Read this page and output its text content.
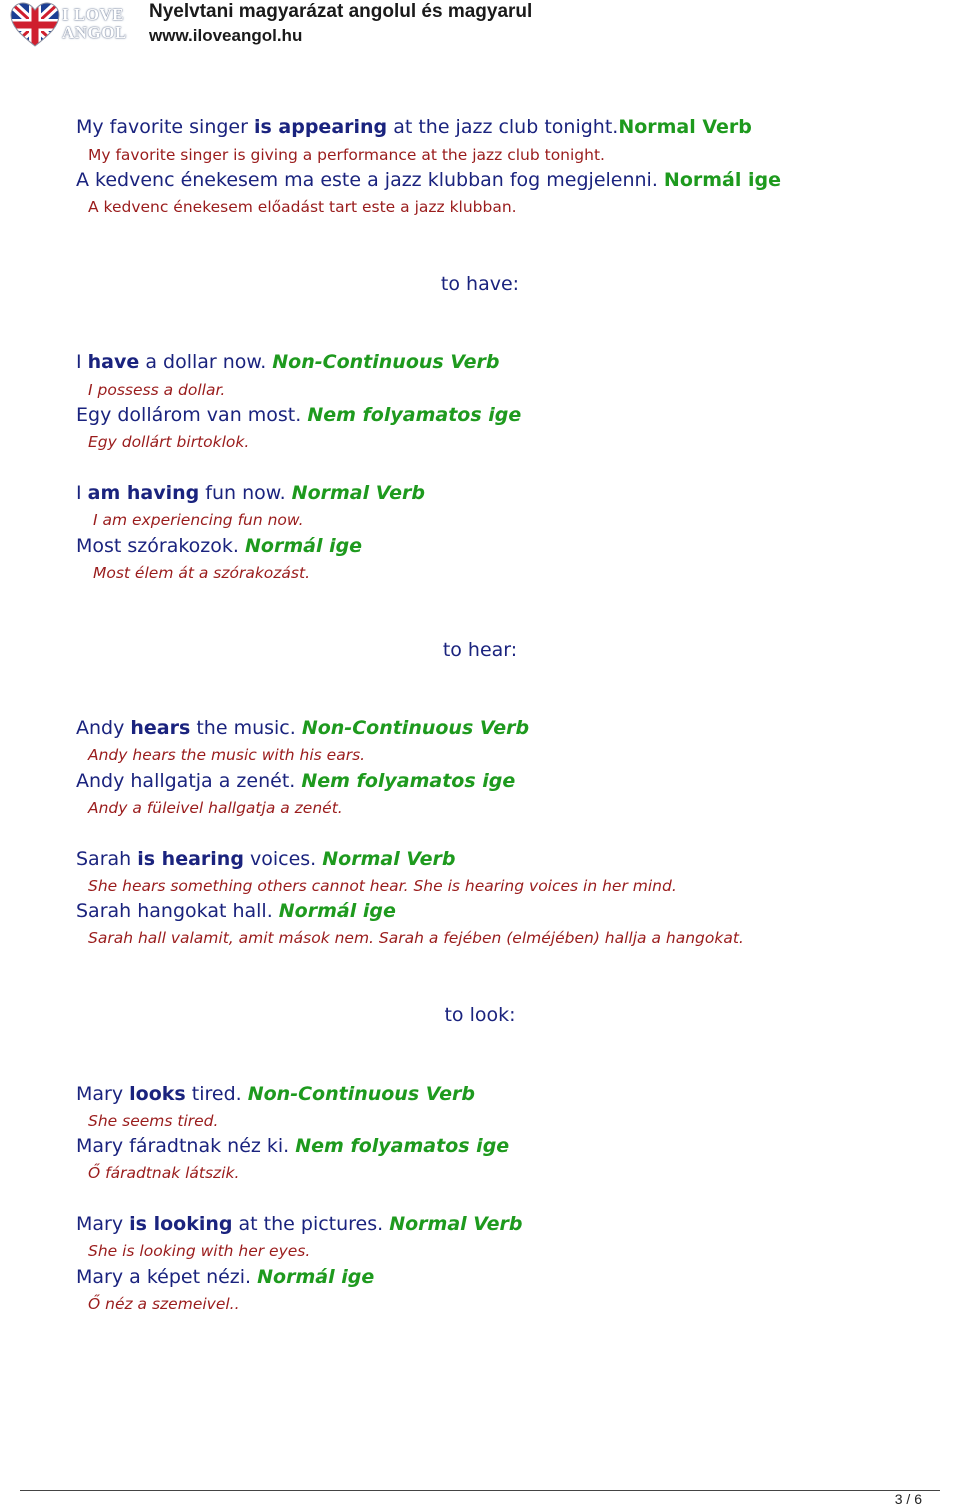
I LOVE
ANGOL
Nyelvtani magyarázat angolul és magyarul
www.iloveangol.hu
My favorite singer is appearing at the jazz club tonight.Normal Verb
My favorite singer is giving a performance at the jazz club tonight.
A kedvenc énekesem ma este a jazz klubban fog megjelenni. Normál ige
A kedvenc énekesem előadást tart este a jazz klubban.
I have a dollar now. Non-Continuous Verb
I possess a dollar.
Egy dollárom van most. Nem folyamatos ige
Egy dollárt birtoklok.
I am having fun now. Normal Verb
I am experiencing fun now.
Most szórakozok. Normál ige
Most élem át a szórakozást.
Andy hears the music. Non-Continuous Verb
Andy hears the music with his ears.
Andy hallgatja a zenét. Nem folyamatos ige
Andy a füleivel hallgatja a zenét.
Sarah is hearing voices. Normal Verb
She hears something others cannot hear. She is hearing voices in her mind.
Sarah hangokat hall. Normál ige
Sarah hall valamit, amit mások nem. Sarah a fejében (elméjében) hallja a hangokat.
Mary looks tired. Non-Continuous Verb
She seems tired.
Mary fáradtnak néz ki. Nem folyamatos ige
Ő fáradtnak látszik.
Mary is looking at the pictures. Normal Verb
She is looking with her eyes.
Mary a képet nézi. Normál ige
Ő néz a szemeivel..
to have:
to hear:
to look:
3 / 6
